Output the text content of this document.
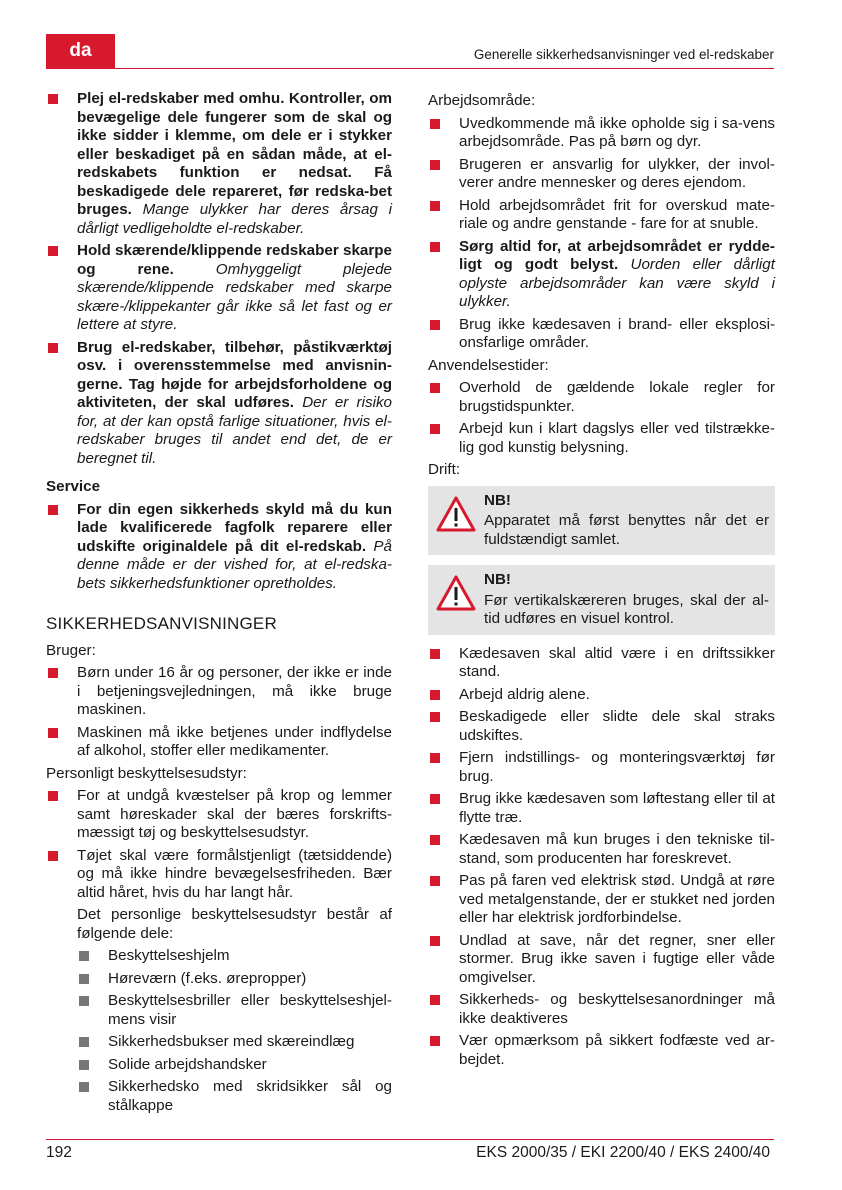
da	Generelle sikkerhedsanvisninger ved el-redskaber
Plej el-redskaber med omhu. Kontroller, om bevægelige dele fungerer som de skal og ikke sidder i klemme, om dele er i stykker eller beskadiget på en sådan måde, at el-redskabets funktion er nedsat. Få beskadigede dele repareret, før redska-bet bruges. Mange ulykker har deres årsag i dårligt vedligeholdte el-redskaber.
Hold skærende/klippende redskaber skarpe og rene.	Omhyggeligt plejede skærende/klippende redskaber med skarpe skære-/klippekanter går ikke så let fast og er lettere at styre.
Brug el-redskaber, tilbehør, påstikværktøj osv. i overensstemmelse med anvisnin-gerne. Tag højde for arbejdsforholdene og aktiviteten, der skal udføres. Der er risiko for, at der kan opstå farlige situationer, hvis el-redskaber bruges til andet end det, de er beregnet til.
Service
For din egen sikkerheds skyld må du kun lade kvalificerede fagfolk reparere eller udskifte originaldele på dit el-redskab. På denne måde er der vished for, at el-redska-bets sikkerhedsfunktioner opretholdes.
SIKKERHEDSANVISNINGER
Bruger:
Børn under 16 år og personer, der ikke er inde i betjeningsvejledningen, må ikke bruge maskinen.
Maskinen må ikke betjenes under indflydelse af alkohol, stoffer eller medikamenter.
Personligt beskyttelsesudstyr:
For at undgå kvæstelser på krop og lemmer samt høreskader skal der bæres forskrifts-mæssigt tøj og beskyttelsesudstyr.
Tøjet skal være formålstjenligt (tætsiddende) og må ikke hindre bevægelsesfriheden. Bær altid håret, hvis du har langt hår.
Det personlige beskyttelsesudstyr består af følgende dele:
Beskyttelseshjelm
Høreværn (f.eks. ørepropper)
Beskyttelsesbriller eller beskyttelseshjel-mens visir
Sikkerhedsbukser med skæreindlæg
Solide arbejdshandsker
Sikkerhedsko med skridsikker sål og stålkappe
Arbejdsområde:
Uvedkommende må ikke opholde sig i sa-vens arbejdsområde. Pas på børn og dyr.
Brugeren er ansvarlig for ulykker, der invol-verer andre mennesker og deres ejendom.
Hold arbejdsområdet frit for overskud mate-riale og andre genstande - fare for at snuble.
Sørg altid for, at arbejdsområdet er rydde-ligt og godt belyst. Uorden eller dårligt oplyste arbejdsområder kan være skyld i ulykker.
Brug ikke kædesaven i brand- eller eksplosi-onsfarlige områder.
Anvendelsestider:
Overhold de gældende lokale regler for brugstidspunkter.
Arbejd kun i klart dagslys eller ved tilstrække-lig god kunstig belysning.
Drift:
NB!
Apparatet må først benyttes når det er fuldstændigt samlet.
NB!
Før vertikalskæreren bruges, skal der al-tid udføres en visuel kontrol.
Kædesaven skal altid være i en driftssikker stand.
Arbejd aldrig alene.
Beskadigede eller slidte dele skal straks udskiftes.
Fjern indstillings- og monteringsværktøj før brug.
Brug ikke kædesaven som løftestang eller til at flytte træ.
Kædesaven må kun bruges i den tekniske til-stand, som producenten har foreskrevet.
Pas på faren ved elektrisk stød. Undgå at røre ved metalgenstande, der er stukket ned jorden eller har elektrisk jordforbindelse.
Undlad at save, når det regner, sner eller stormer. Brug ikke saven i fugtige eller våde omgivelser.
Sikkerheds- og beskyttelsesanordninger må ikke deaktiveres
Vær opmærksom på sikkert fodfæste ved ar-bejdet.
192	EKS 2000/35 / EKI 2200/40 / EKS 2400/40
